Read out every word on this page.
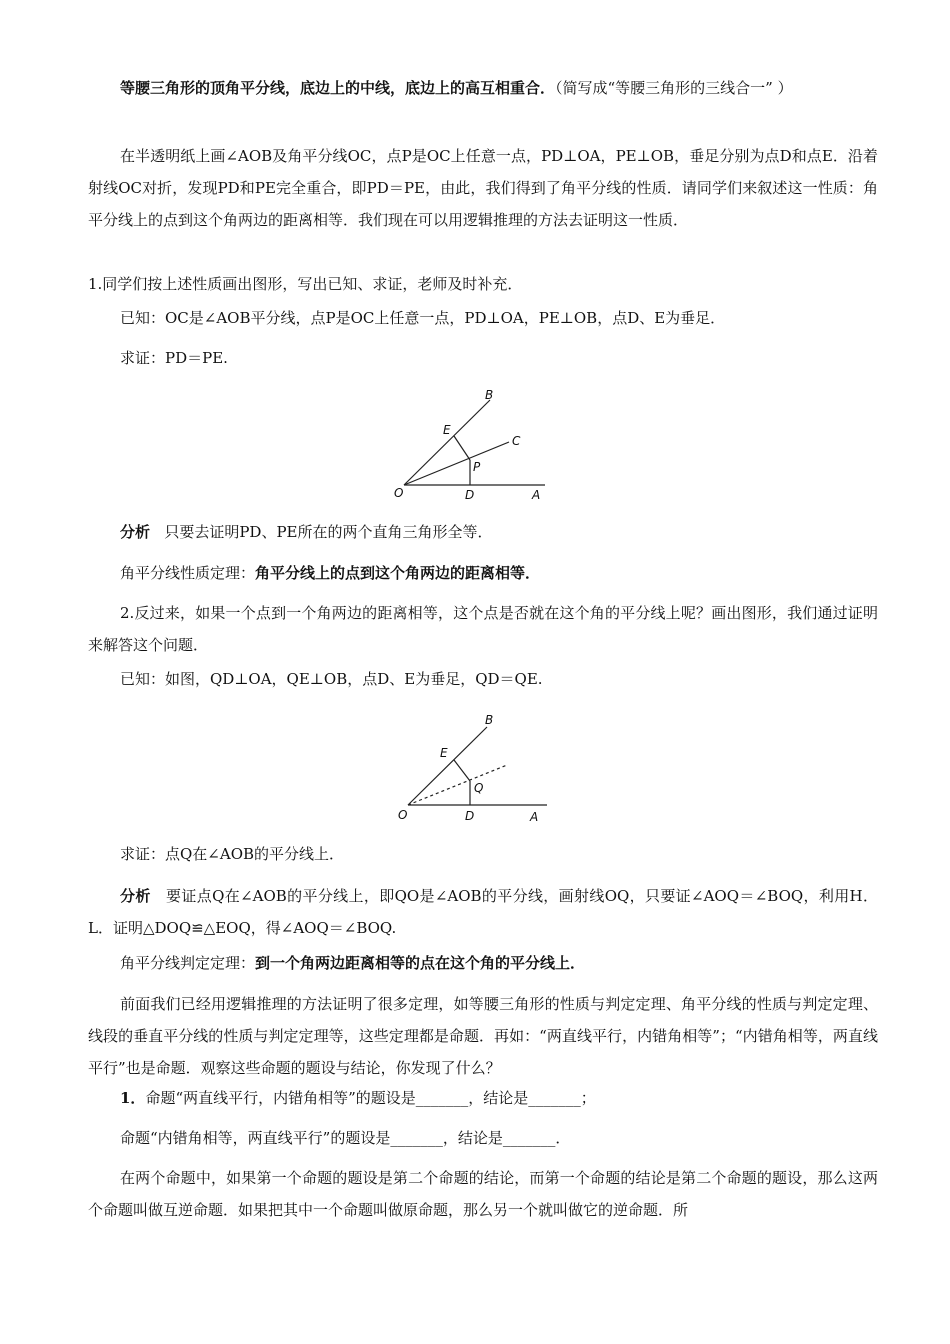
等腰三角形的顶角平分线，底边上的中线，底边上的高互相重合．（简写成“等腰三角形的三线合一” ）

在半透明纸上画∠AOB及角平分线OC，点P是OC上任意一点，PD⊥OA，PE⊥OB，垂足分别为点D和点E．沿着射线OC对折，发现PD和PE完全重合，即PD＝PE，由此，我们得到了角平分线的性质．请同学们来叙述这一性质：角平分线上的点到这个角两边的距离相等．我们现在可以用逻辑推理的方法去证明这一性质．

1.同学们按上述性质画出图形，写出已知、求证，老师及时补充．

已知：OC是∠AOB平分线，点P是OC上任意一点，PD⊥OA，PE⊥OB，点D、E为垂足．

求证：PD＝PE.

B
E
C
P
O	D	A

分析 只要去证明PD、PE所在的两个直角三角形全等．

角平分线性质定理：角平分线上的点到这个角两边的距离相等．

2.反过来，如果一个点到一个角两边的距离相等，这个点是否就在这个角的平分线上呢？画出图形，我们通过证明来解答这个问题．

已知：如图，QD⊥OA，QE⊥OB，点D、E为垂足，QD＝QE.

B
E
Q
O	D	A

求证：点Q在∠AOB的平分线上．

分析 要证点Q在∠AOB的平分线上，即QO是∠AOB的平分线，画射线OQ，只要证∠AOQ＝∠BOQ，利用H．L．证明△DOQ≌△EOQ，得∠AOQ＝∠BOQ.

角平分线判定定理：到一个角两边距离相等的点在这个角的平分线上．

前面我们已经用逻辑推理的方法证明了很多定理，如等腰三角形的性质与判定定理、角平分线的性质与判定定理、线段的垂直平分线的性质与判定定理等，这些定理都是命题．再如：“两直线平行，内错角相等”；“内错角相等，两直线平行”也是命题．观察这些命题的题设与结论，你发现了什么？

1．命题“两直线平行，内错角相等”的题设是_______，结论是_______；

命题“内错角相等，两直线平行”的题设是_______，结论是_______．

在两个命题中，如果第一个命题的题设是第二个命题的结论，而第一个命题的结论是第二个命题的题设，那么这两个命题叫做互逆命题．如果把其中一个命题叫做原命题，那么另一个就叫做它的逆命题．所
